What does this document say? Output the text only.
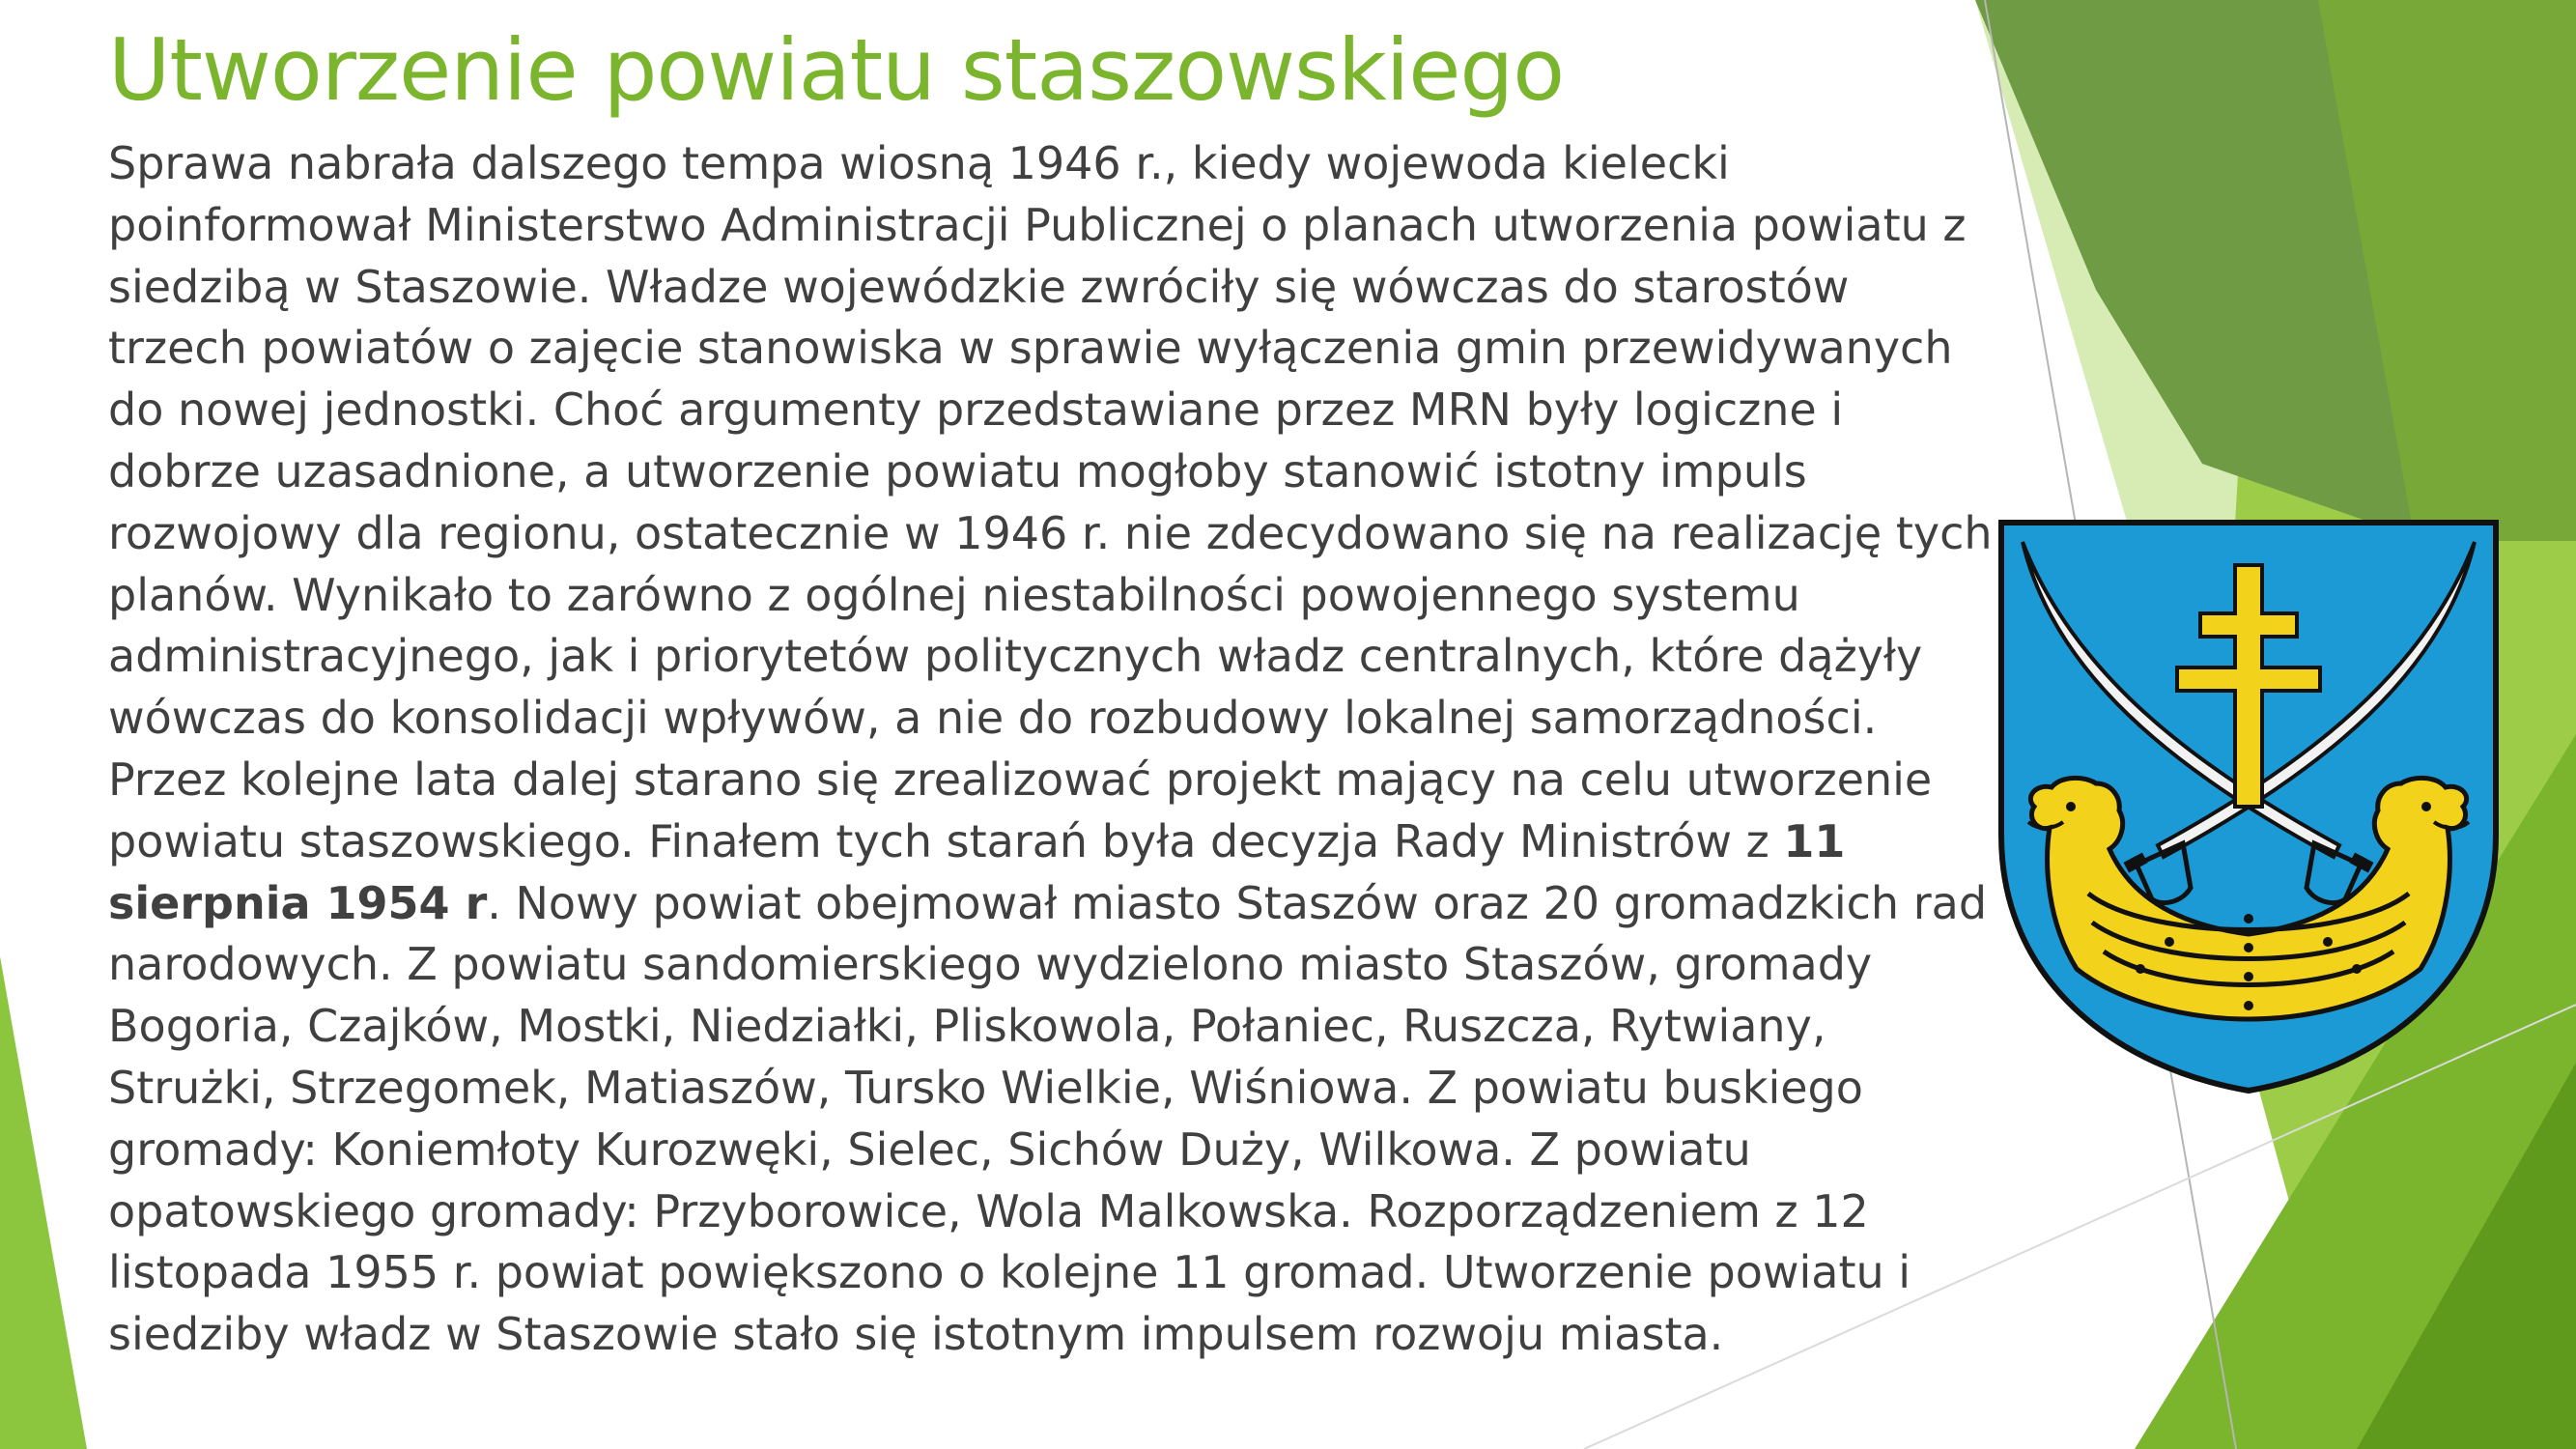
Utworzenie powiatu staszowskiego

Sprawa nabrała dalszego tempa wiosną 1946 r., kiedy wojewoda kielecki poinformował Ministerstwo Administracji Publicznej o planach utworzenia powiatu z siedzibą w Staszowie. Władze wojewódzkie zwróciły się wówczas do starostów trzech powiatów o zajęcie stanowiska w sprawie wyłączenia gmin przewidywanych do nowej jednostki. Choć argumenty przedstawiane przez MRN były logiczne i dobrze uzasadnione, a utworzenie powiatu mogłoby stanowić istotny impuls rozwojowy dla regionu, ostatecznie w 1946 r. nie zdecydowano się na realizację tych planów. Wynikało to zarówno z ogólnej niestabilności powojennego systemu administracyjnego, jak i priorytetów politycznych władz centralnych, które dążyły wówczas do konsolidacji wpływów, a nie do rozbudowy lokalnej samorządności. Przez kolejne lata dalej starano się zrealizować projekt mający na celu utworzenie powiatu staszowskiego. Finałem tych starań była decyzja Rady Ministrów z 11 sierpnia 1954 r. Nowy powiat obejmował miasto Staszów oraz 20 gromadzkich rad narodowych. Z powiatu sandomierskiego wydzielono miasto Staszów, gromady Bogoria, Czajków, Mostki, Niedziałki, Pliskowola, Połaniec, Ruszcza, Rytwiany, Strużki, Strzegomek, Matiaszów, Tursko Wielkie, Wiśniowa. Z powiatu buskiego gromady: Koniemłoty Kurozwęki, Sielec, Sichów Duży, Wilkowa. Z powiatu opatowskiego gromady: Przyborowice, Wola Malkowska. Rozporządzeniem z 12 listopada 1955 r. powiat powiększono o kolejne 11 gromad. Utworzenie powiatu i siedziby władz w Staszowie stało się istotnym impulsem rozwoju miasta.
